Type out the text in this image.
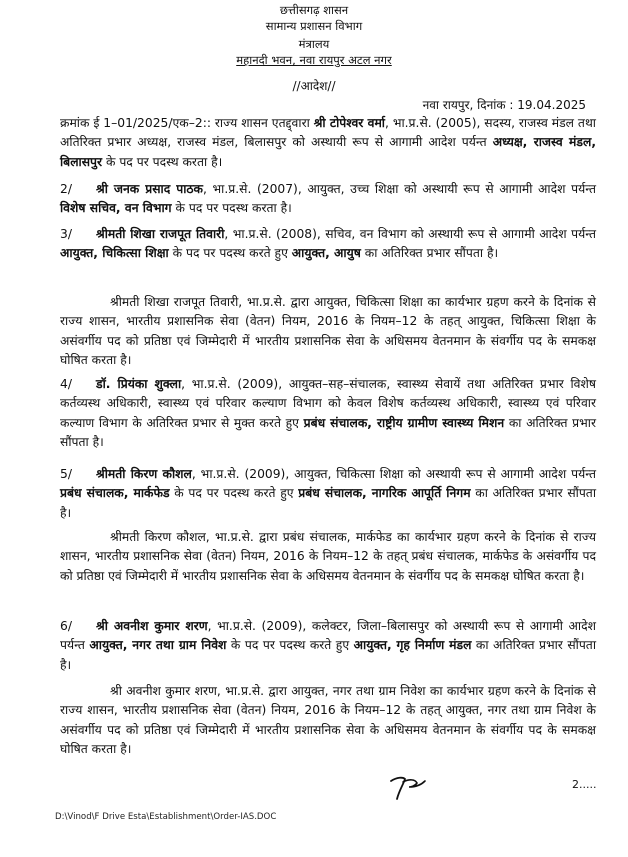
छत्तीसगढ़ शासन
सामान्य प्रशासन विभाग
मंत्रालय
महानदी भवन, नवा रायपुर अटल नगर
//आदेश//
नवा रायपुर, दिनांक : 19.04.2025

क्रमांक ई 1–01/2025/एक–2:: राज्य शासन एतद्द्वारा श्री टोपेश्वर वर्मा, भा.प्र.से. (2005), सदस्य, राजस्व मंडल तथा अतिरिक्त प्रभार अध्यक्ष, राजस्व मंडल, बिलासपुर को अस्थायी रूप से आगामी आदेश पर्यन्त अध्यक्ष, राजस्व मंडल, बिलासपुर के पद पर पदस्थ करता है।

2/ श्री जनक प्रसाद पाठक, भा.प्र.से. (2007), आयुक्त, उच्च शिक्षा को अस्थायी रूप से आगामी आदेश पर्यन्त विशेष सचिव, वन विभाग के पद पर पदस्थ करता है।

3/ श्रीमती शिखा राजपूत तिवारी, भा.प्र.से. (2008), सचिव, वन विभाग को अस्थायी रूप से आगामी आदेश पर्यन्त आयुक्त, चिकित्सा शिक्षा के पद पर पदस्थ करते हुए आयुक्त, आयुष का अतिरिक्त प्रभार सौंपता है।

श्रीमती शिखा राजपूत तिवारी, भा.प्र.से. द्वारा आयुक्त, चिकित्सा शिक्षा का कार्यभार ग्रहण करने के दिनांक से राज्य शासन, भारतीय प्रशासनिक सेवा (वेतन) नियम, 2016 के नियम–12 के तहत् आयुक्त, चिकित्सा शिक्षा के असंवर्गीय पद को प्रतिष्ठा एवं जिम्मेदारी में भारतीय प्रशासनिक सेवा के अधिसमय वेतनमान के संवर्गीय पद के समकक्ष घोषित करता है।

4/ डॉ. प्रियंका शुक्ला, भा.प्र.से. (2009), आयुक्त–सह–संचालक, स्वास्थ्य सेवायें तथा अतिरिक्त प्रभार विशेष कर्तव्यस्थ अधिकारी, स्वास्थ्य एवं परिवार कल्याण विभाग को केवल विशेष कर्तव्यस्थ अधिकारी, स्वास्थ्य एवं परिवार कल्याण विभाग के अतिरिक्त प्रभार से मुक्त करते हुए प्रबंध संचालक, राष्ट्रीय ग्रामीण स्वास्थ्य मिशन का अतिरिक्त प्रभार सौंपता है।

5/ श्रीमती किरण कौशल, भा.प्र.से. (2009), आयुक्त, चिकित्सा शिक्षा को अस्थायी रूप से आगामी आदेश पर्यन्त प्रबंध संचालक, मार्कफेड के पद पर पदस्थ करते हुए प्रबंध संचालक, नागरिक आपूर्ति निगम का अतिरिक्त प्रभार सौंपता है।

श्रीमती किरण कौशल, भा.प्र.से. द्वारा प्रबंध संचालक, मार्कफेड का कार्यभार ग्रहण करने के दिनांक से राज्य शासन, भारतीय प्रशासनिक सेवा (वेतन) नियम, 2016 के नियम–12 के तहत् प्रबंध संचालक, मार्कफेड के असंवर्गीय पद को प्रतिष्ठा एवं जिम्मेदारी में भारतीय प्रशासनिक सेवा के अधिसमय वेतनमान के संवर्गीय पद के समकक्ष घोषित करता है।

6/ श्री अवनीश कुमार शरण, भा.प्र.से. (2009), कलेक्टर, जिला–बिलासपुर को अस्थायी रूप से आगामी आदेश पर्यन्त आयुक्त, नगर तथा ग्राम निवेश के पद पर पदस्थ करते हुए आयुक्त, गृह निर्माण मंडल का अतिरिक्त प्रभार सौंपता है।

श्री अवनीश कुमार शरण, भा.प्र.से. द्वारा आयुक्त, नगर तथा ग्राम निवेश का कार्यभार ग्रहण करने के दिनांक से राज्य शासन, भारतीय प्रशासनिक सेवा (वेतन) नियम, 2016 के नियम–12 के तहत् आयुक्त, नगर तथा ग्राम निवेश के असंवर्गीय पद को प्रतिष्ठा एवं जिम्मेदारी में भारतीय प्रशासनिक सेवा के अधिसमय वेतनमान के संवर्गीय पद के समकक्ष घोषित करता है।

2.....
D:\Vinod\F Drive Esta\Establishment\Order-IAS.DOC
